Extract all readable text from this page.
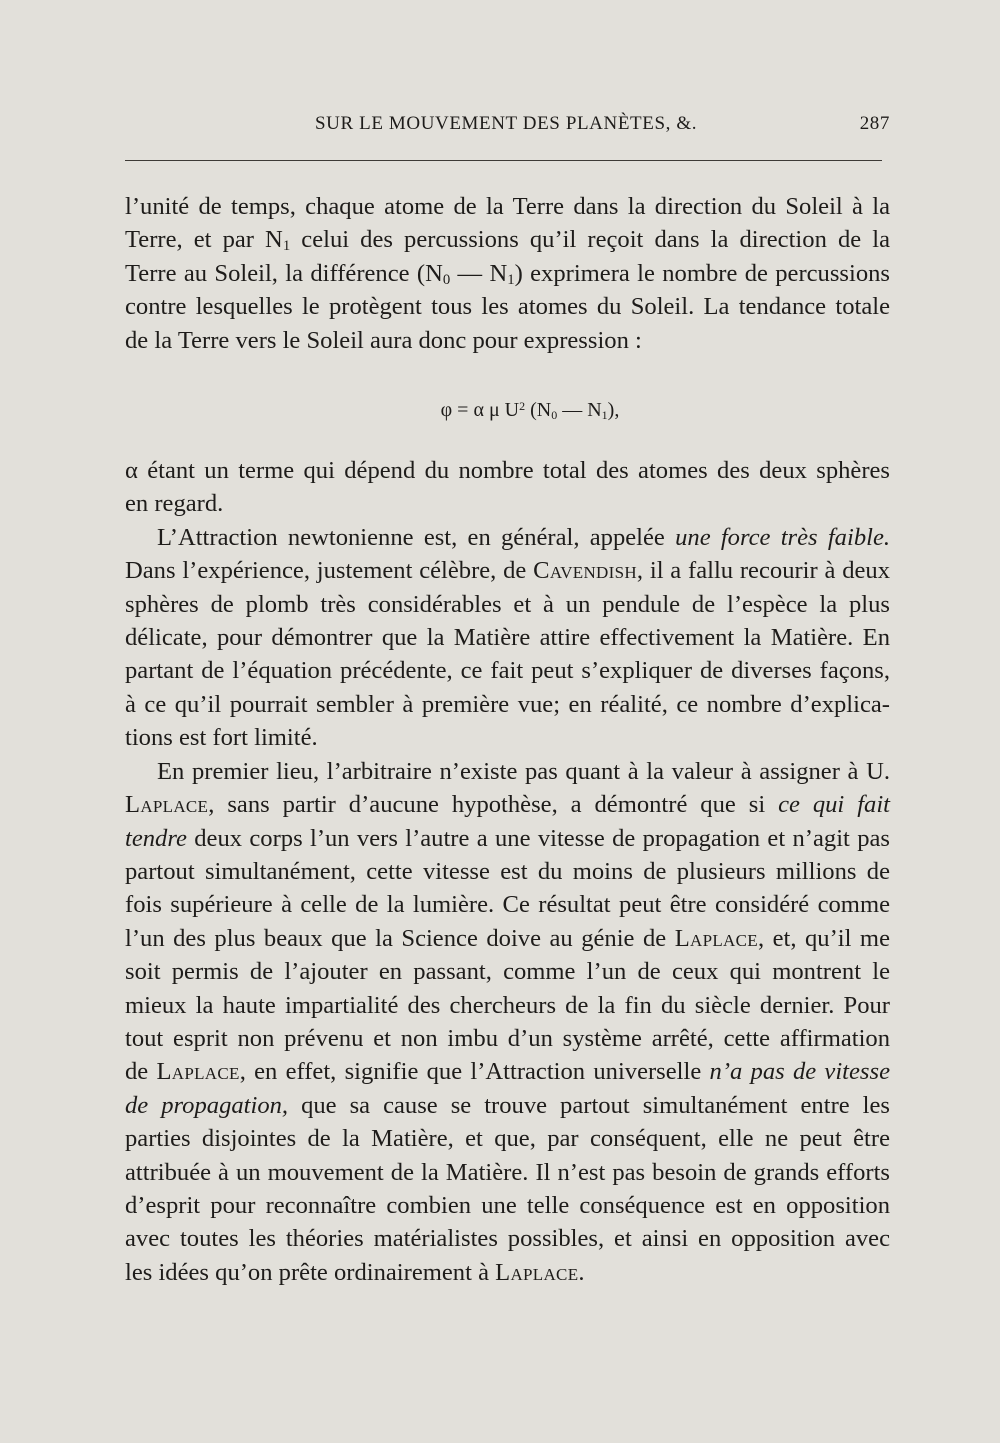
SUR LE MOUVEMENT DES PLANÈTES, &.	287
l’unité de temps, chaque atome de la Terre dans la direction du Soleil à la
Terre, et par $N_1$ celui des percussions qu’il reçoit dans la direction de la
Terre au Soleil, la différence ($N_0$ — $N_1$) exprimera le nombre de percussions
contre lesquelles le protègent tous les atomes du Soleil. La tendance totale
de la Terre vers le Soleil aura donc pour expression :
φ = α μ $U^2$ ($N_0$ — $N_1$),
α étant un terme qui dépend du nombre total des atomes des deux sphères
en regard.
L’Attraction newtonienne est, en général, appelée une force très faible.
Dans l’expérience, justement célèbre, de Cavendish, il a fallu recourir à deux
sphères de plomb très considérables et à un pendule de l’espèce la plus
délicate, pour démontrer que la Matière attire effectivement la Matière. En
partant de l’équation précédente, ce fait peut s’expliquer de diverses façons,
à ce qu’il pourrait sembler à première vue; en réalité, ce nombre d’explica-
tions est fort limité.
En premier lieu, l’arbitraire n’existe pas quant à la valeur à assigner à U.
Laplace, sans partir d’aucune hypothèse, a démontré que si ce qui fait
tendre deux corps l’un vers l’autre a une vitesse de propagation et n’agit pas
partout simultanément, cette vitesse est du moins de plusieurs millions de
fois supérieure à celle de la lumière. Ce résultat peut être considéré comme
l’un des plus beaux que la Science doive au génie de Laplace, et, qu’il me
soit permis de l’ajouter en passant, comme l’un de ceux qui montrent le
mieux la haute impartialité des chercheurs de la fin du siècle dernier. Pour
tout esprit non prévenu et non imbu d’un système arrêté, cette affirmation
de Laplace, en effet, signifie que l’Attraction universelle n’a pas de vitesse
de propagation, que sa cause se trouve partout simultanément entre les
parties disjointes de la Matière, et que, par conséquent, elle ne peut être
attribuée à un mouvement de la Matière. Il n’est pas besoin de grands efforts
d’esprit pour reconnaître combien une telle conséquence est en opposition
avec toutes les théories matérialistes possibles, et ainsi en opposition avec
les idées qu’on prête ordinairement à Laplace.
